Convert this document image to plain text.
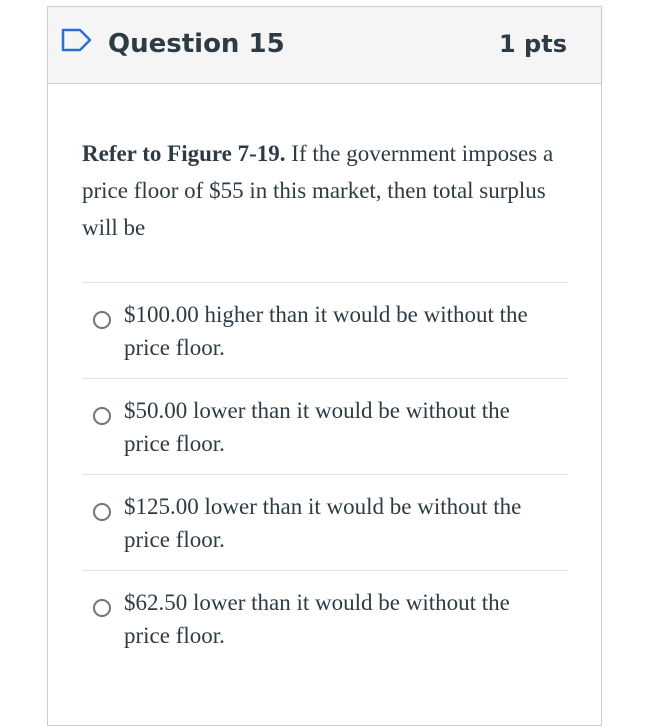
Question 15	1 pts
Refer to Figure 7-19. If the government imposes a price floor of $55 in this market, then total surplus will be
$100.00 higher than it would be without the price floor.
$50.00 lower than it would be without the price floor.
$125.00 lower than it would be without the price floor.
$62.50 lower than it would be without the price floor.
